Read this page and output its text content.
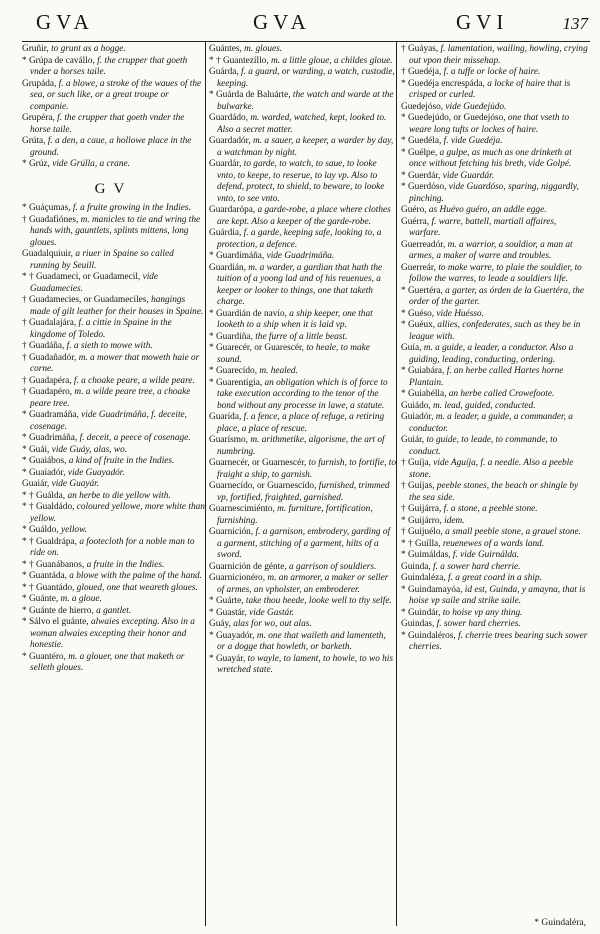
GVA	GVA	GVI	137

Gruñir, to grunt as a hogge.

* Grúpa de cavállo, f. the crupper that goeth vnder a horses taile.

Grupáda, f. a blowe, a stroke of the waues of the sea, or such like, or a great troupe or companie.

Grupéra, f. the crupper that goeth vnder the horse taile.

Grúta, f. a den, a caue, a hollowe place in the ground.

* Grúz, vide Grúlla, a crane.

GV

* Guáçumas, f. a fruite growing in the Indies.

† Guadafiónes, m. manicles to tie and wring the hands with, gauntlets, splints mittens, long gloues.

Guadalquiuir, a riuer in Spaine so called running by Seuill.

* † Guadameci, or Guadamecil, vide Guadamecies.

† Guadamecies, or Guadameciles, hangings made of gilt leather for their houses in Spaine.

† Guadalajára, f. a cittie in Spaine in the kingdome of Toledo.

† Guadáña, f. a sieth to mowe with.

† Guadañadór, m. a mower that moweth haie or corne.

† Guadapéra, f. a choake peare, a wilde peare.

† Guadapéro, m. a wilde peare tree, a choake peare tree.

* Guadramáña, vide Guadrimáña, f. deceite, cosenage.

* Guadrimáña, f. deceit, a peece of cosenage.

* Guái, vide Guáy, alas, wo.

* Guaiábos, a kind of fruite in the Indies.

* Guaiadór, vide Guayadór.

Guaiár, vide Guayár.

* † Guálda, an herbe to die yellow with.

* † Gualdádo, coloured yellowe, more white than yellow.

* Guáldo, yellow.

* † Gualdrápa, a footecloth for a noble man to ride on.

* † Guanábanos, a fruite in the Indies.

* Guantáda, a blowe with the palme of the hand.

* † Guantádo, gloued, one that weareth gloues.

* Guánte, m. a gloue.

* Guánte de hierro, a gantlet.

* Sálvo el guánte, alwaies excepting. Also in a woman alwaies excepting their honor and honestie.

* Guantéro, m. a glouer, one that maketh or selleth gloues.

Guántes, m. gloues.

* † Guantezíllo, m. a little gloue, a childes gloue.

Guárda, f. a guard, or warding, a watch, custodie, keeping.

* Guárda de Baluárte, the watch and warde at the bulwarke.

Guardádo, m. warded, watched, kept, looked to. Also a secret matter.

Guardadór, m. a sauer, a keeper, a warder by day, a watchman by night.

Guardár, to garde, to watch, to saue, to looke vnto, to keepe, to reserue, to lay vp. Also to defend, protect, to shield, to beware, to looke vnto, to see vnto.

Guardarópa, a garde-robe, a place where clothes are kept. Also a keeper of the garde-robe.

Guárdia, f. a garde, keeping safe, looking to, a protection, a defence.

* Guardimáña, vide Guadrimáña.

Guardián, m. a warder, a gardian that hath the tuition of a yoong lad and of his reuenues, a keeper or looker to things, one that taketh charge.

* Guardián de navío, a ship keeper, one that looketh to a ship when it is laid vp.

* Guardiña, the furre of a little beast.

* Guarecér, or Guarescér, to heale, to make sound.

* Guarecído, m. healed.

* Guarentígia, an obligation which is of force to take execution according to the tenor of the bond without any processe in lawe, a statute.

Guarída, f. a fence, a place of refuge, a retiring place, a place of rescue.

Guarísmo, m. arithmetike, algorisme, the art of numbring.

Guarnecér, or Guarnescér, to furnish, to fortifie, to fraight a ship, to garnish.

Guarnecído, or Guarnescído, furnished, trimmed vp, fortified, fraighted, garnished.

Guarnescimiénto, m. furniture, fortification, furnishing.

Guarnición, f. a garnison, embrodery, garding of a garment, stitching of a garment, hilts of a sword.

Guarnición de génte, a garrison of souldiers.

Guarnicionéro, m. an armorer, a maker or seller of armes, an vpholster, an embroderer.

* Guárte, take thou heede, looke well to thy selfe.

* Guastár, vide Gastár.

Guáy, alas for wo, out alas.

* Guayadór, m. one that waileth and lamenteth, or a dogge that howleth, or barketh.

* Guayár, to wayle, to lament, to howle, to wo his wretched state.

† Guáyas, f. lamentation, wailing, howling, crying out vpon their missehap.

† Guedéja, f. a tuffe or locke of haire.

* Guedéja encrespáda, a locke of haire that is crisped or curled.

Guedejóso, vide Guedejúdo.

* Guedejúdo, or Guedejóso, one that vseth to weare long tufts or lockes of haire.

* Guedéla, f. vide Guedéja.

* Guélpe, a gulpe, as much as one drinketh at once without fetching his breth, vide Golpé.

* Guerdár, vide Guardár.

* Guerdóso, vide Guardóso, sparing, niggardly, pinching.

Guéro, as Huévo guéro, an addle egge.

Guérra, f. warre, battell, martiall affaires, warfare.

Guerreadór, m. a warrior, a souldior, a man at armes, a maker of warre and troubles.

Guerreár, to make warre, to plaie the souldier, to follow the warres, to leade a souldiers life.

* Guertéra, a garter, as órden de la Guertéra, the order of the garter.

* Guéso, vide Huésso.

* Guéux, allies, confederates, such as they be in league with.

Guía, m. a guide, a leader, a conductor. Also a guiding, leading, conducting, ordering.

* Guiabára, f. an herbe called Hartes horne Plantain.

* Guiabélla, an herbe called Crowefoote.

Guiádo, m. lead, guided, conducted.

Guiadór, m. a leader, a guide, a commander, a conductor.

Guiár, to guide, to leade, to commande, to conduct.

† Guíja, vide Aguíja, f. a needle. Also a peeble stone.

† Guíjas, peeble stones, the beach or shingle by the sea side.

† Guijárra, f. a stone, a peeble stone.

* Guijárro, idem.

† Guijuélo, a small peeble stone, a grauel stone.

* † Guílla, reuenewes of a wards land.

* Guimáldas, f. vide Guirnálda.

Guinda, f. a sower hard cherrie.

Guindaléza, f. a great coard in a ship.

* Guindamayóa, id est, Guinda, y amayna, that is hoise vp saile and strike saile.

* Guindár, to hoise vp any thing.

Guindas, f. sower hard cherries.

* Guindaléros, f. cherrie trees bearing such sower cherries.

* Guindaléra,
